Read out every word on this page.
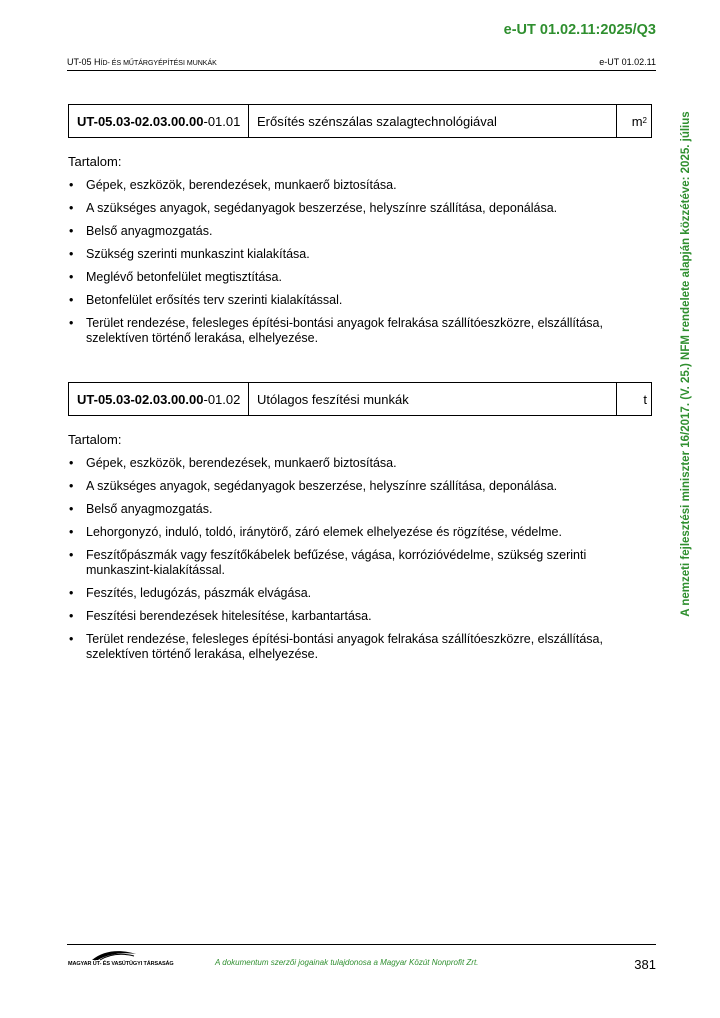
e-UT 01.02.11:2025/Q3
UT-05 HÍD- ÉS MŰTÁRGYÉPÍTÉSI MUNKÁK	e-UT 01.02.11
A nemzeti fejlesztési miniszter 16/2017. (V. 25.) NFM rendelete alapján közzétéve: 2025. július
UT-05.03-02.03.00.00 -01.01	Erősítés szénszálas szalagtechnológiával	m 2
Tartalom:
• Gépek, eszközök, berendezések, munkaerő biztosítása.
• A szükséges anyagok, segédanyagok beszerzése, helyszínre szállítása, deponálása.
• Belső anyagmozgatás.
• Szükség szerinti munkaszint kialakítása.
• Meglévő betonfelület megtisztítása.
• Betonfelület erősítés terv szerinti kialakítással.
• Terület rendezése, felesleges építési-bontási anyagok felrakása szállítóeszközre, elszállítása, szelektíven történő lerakása, elhelyezése.
UT-05.03-02.03.00.00 -01.02	Utólagos feszítési munkák	t
Tartalom:
• Gépek, eszközök, berendezések, munkaerő biztosítása.
• A szükséges anyagok, segédanyagok beszerzése, helyszínre szállítása, deponálása.
• Belső anyagmozgatás.
• Lehorgonyzó, induló, toldó, iránytörő, záró elemek elhelyezése és rögzítése, védelme.
• Feszítőpászmák vagy feszítőkábelek befűzése, vágása, korrózióvédelme, szükség szerinti munkaszint-kialakítással.
• Feszítés, ledugózás, pászmák elvágása.
• Feszítési berendezések hitelesítése, karbantartása.
• Terület rendezése, felesleges építési-bontási anyagok felrakása szállítóeszközre, elszállítása, szelektíven történő lerakása, elhelyezése.
MAGYAR ÚT- ÉS VASÚTÜGYI TÁRSASÁG	A dokumentum szerzői jogainak tulajdonosa a Magyar Közút Nonprofit Zrt.	381
